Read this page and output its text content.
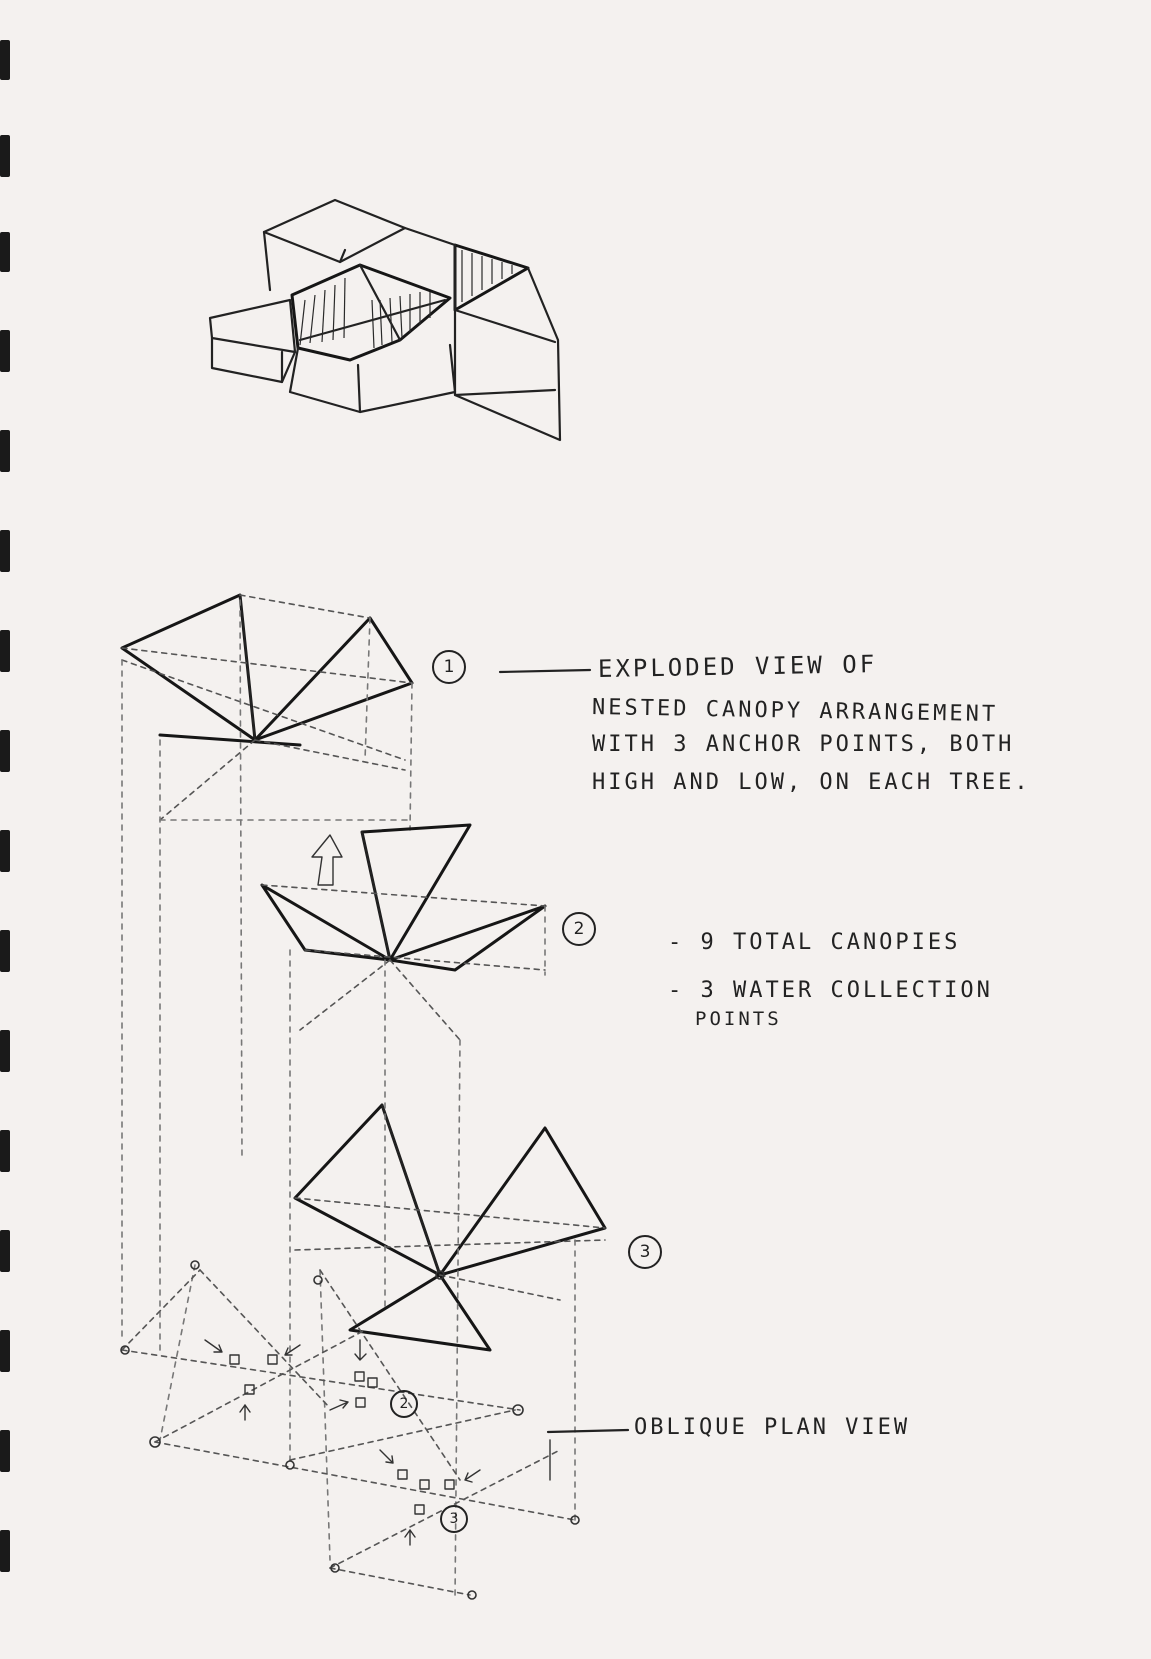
1
2
3
2
3
EXPLODED VIEW OF
NESTED CANOPY ARRANGEMENT
WITH 3 ANCHOR POINTS, BOTH
HIGH AND LOW, ON EACH TREE.
- 9 TOTAL CANOPIES
- 3 WATER COLLECTION
POINTS
OBLIQUE PLAN VIEW
